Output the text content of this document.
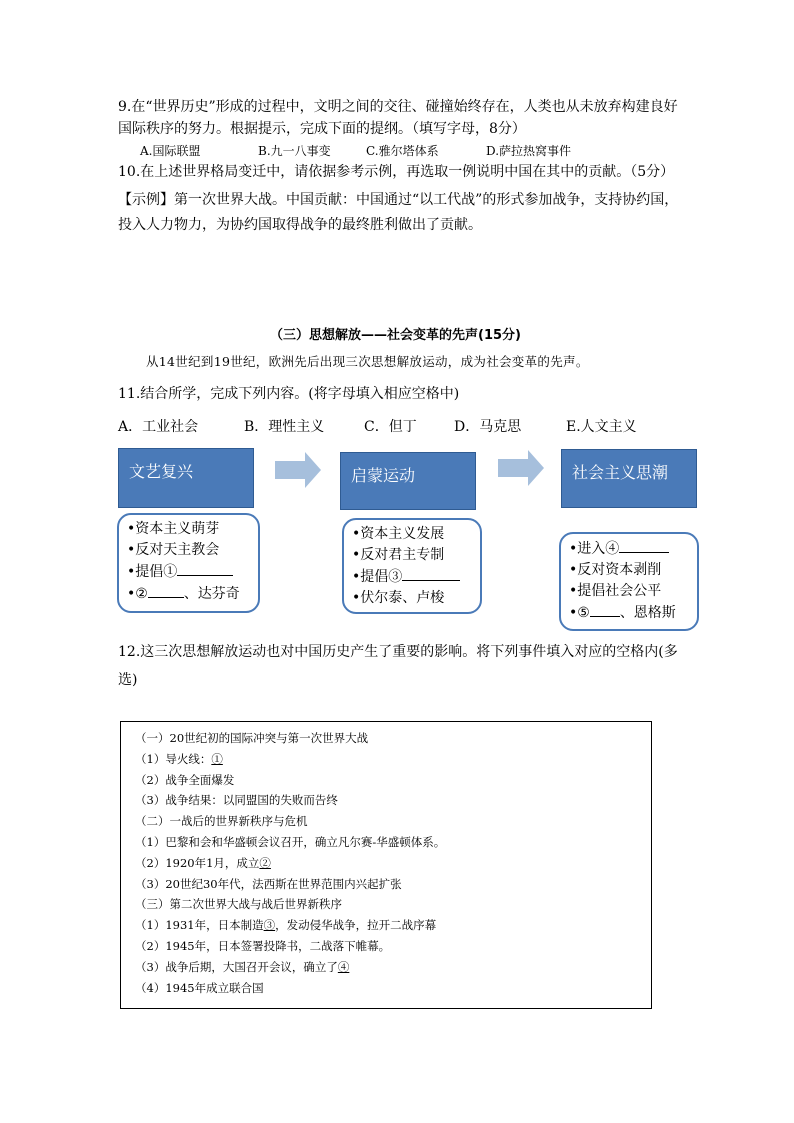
9.在“世界历史”形成的过程中，文明之间的交往、碰撞始终存在，人类也从未放弃构建良好
国际秩序的努力。根据提示，完成下面的提纲。（填写字母，8分）
A.国际联盟	B.九一八事变	C.雅尔塔体系	D.萨拉热窝事件
10.在上述世界格局变迁中，请依据参考示例，再选取一例说明中国在其中的贡献。（5分）
【示例】第一次世界大战。中国贡献：中国通过“以工代战”的形式参加战争，支持协约国，
投入人力物力，为协约国取得战争的最终胜利做出了贡献。
（三）思想解放——社会变革的先声(15分)
从14世纪到19世纪，欧洲先后出现三次思想解放运动，成为社会变革的先声。
11.结合所学，完成下列内容。(将字母填入相应空格中)
A．工业社会	B．理性主义	C．但丁	D．马克思	E.人文主义
文艺复兴	启蒙运动	社会主义思潮
•资本主义萌芽
•反对天主教会
•提倡①
•②	、达芬奇
•资本主义发展
•反对君主专制
•提倡③
•伏尔泰、卢梭
•进入④
•反对资本剥削
•提倡社会公平
•⑤ 、恩格斯
12.这三次思想解放运动也对中国历史产生了重要的影响。将下列事件填入对应的空格内(多
选)
（一）20世纪初的国际冲突与第一次世界大战
（1）导火线：①
（2）战争全面爆发
（3）战争结果：以同盟国的失败而告终
（二）一战后的世界新秩序与危机
（1）巴黎和会和华盛顿会议召开，确立凡尔赛-华盛顿体系。
（2）1920年1月，成立②
（3）20世纪30年代，法西斯在世界范围内兴起扩张
（三）第二次世界大战与战后世界新秩序
（1）1931年，日本制造③，发动侵华战争，拉开二战序幕
（2）1945年，日本签署投降书，二战落下帷幕。
（3）战争后期，大国召开会议，确立了④
（4）1945年成立联合国
